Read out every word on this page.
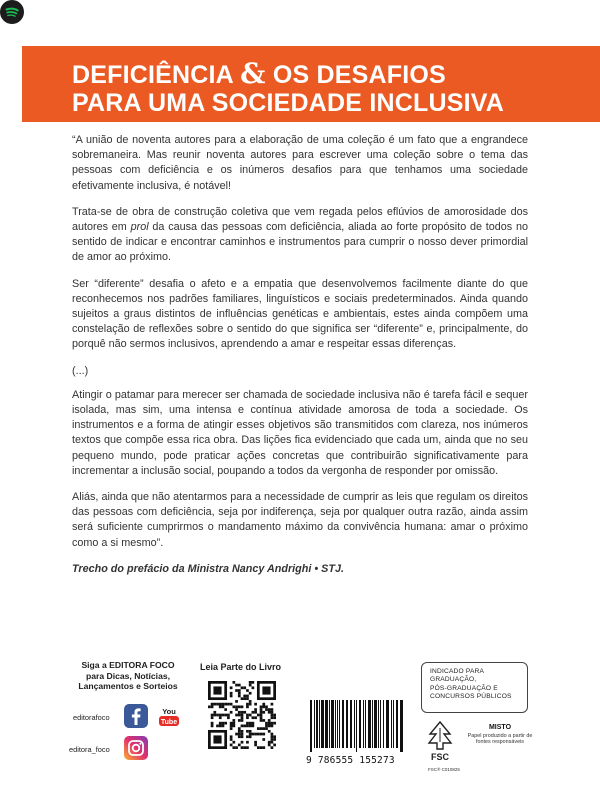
DEFICIÊNCIA & OS DESAFIOS
PARA UMA SOCIEDADE INCLUSIVA

“A união de noventa autores para a elaboração de uma coleção é um fato que a engrandece sobremaneira. Mas reunir noventa autores para escrever uma coleção sobre o tema das pessoas com deficiência e os inúmeros desafios para que tenhamos uma sociedade efetivamente inclusiva, é notável!

Trata-se de obra de construção coletiva que vem regada pelos eflúvios de amorosidade dos autores em prol da causa das pessoas com deficiência, aliada ao forte propósito de todos no sentido de indicar e encontrar caminhos e instrumentos para cumprir o nosso dever primordial de amor ao próximo.

Ser “diferente” desafia o afeto e a empatia que desenvolvemos facilmente diante do que reconhecemos nos padrões familiares, linguísticos e sociais predeterminados. Ainda quando sujeitos a graus distintos de influências genéticas e ambientais, estes ainda compõem uma constelação de reflexões sobre o sentido do que significa ser “diferente” e, principalmente, do porquê não sermos inclusivos, aprendendo a amar e respeitar essas diferenças.

(...)

Atingir o patamar para merecer ser chamada de sociedade inclusiva não é tarefa fácil e sequer isolada, mas sim, uma intensa e contínua atividade amorosa de toda a sociedade. Os instrumentos e a forma de atingir esses objetivos são transmitidos com clareza, nos inúmeros textos que compõe essa rica obra. Das lições fica evidenciado que cada um, ainda que no seu pequeno mundo, pode praticar ações concretas que contribuirão significativamente para incrementar a inclusão social, poupando a todos da vergonha de responder por omissão.

Aliás, ainda que não atentarmos para a necessidade de cumprir as leis que regulam os direitos das pessoas com deficiência, seja por indiferença, seja por qualquer outra razão, ainda assim será suficiente cumprirmos o mandamento máximo da convivência humana: amar o próximo como a si mesmo”.

Trecho do prefácio da Ministra Nancy Andrighi • STJ.

Siga a EDITORA FOCO
para Dicas, Notícias,
Lançamentos e Sorteios
editorafoco
editora_foco
You
Tube
Leia Parte do Livro
9 786555 155273
INDICADO PARA
GRADUAÇÃO,
PÓS-GRADUAÇÃO E
CONCURSOS PÚBLICOS
FSC
MISTO
Papel produzido a partir de fontes responsáveis
FSC® C010825
